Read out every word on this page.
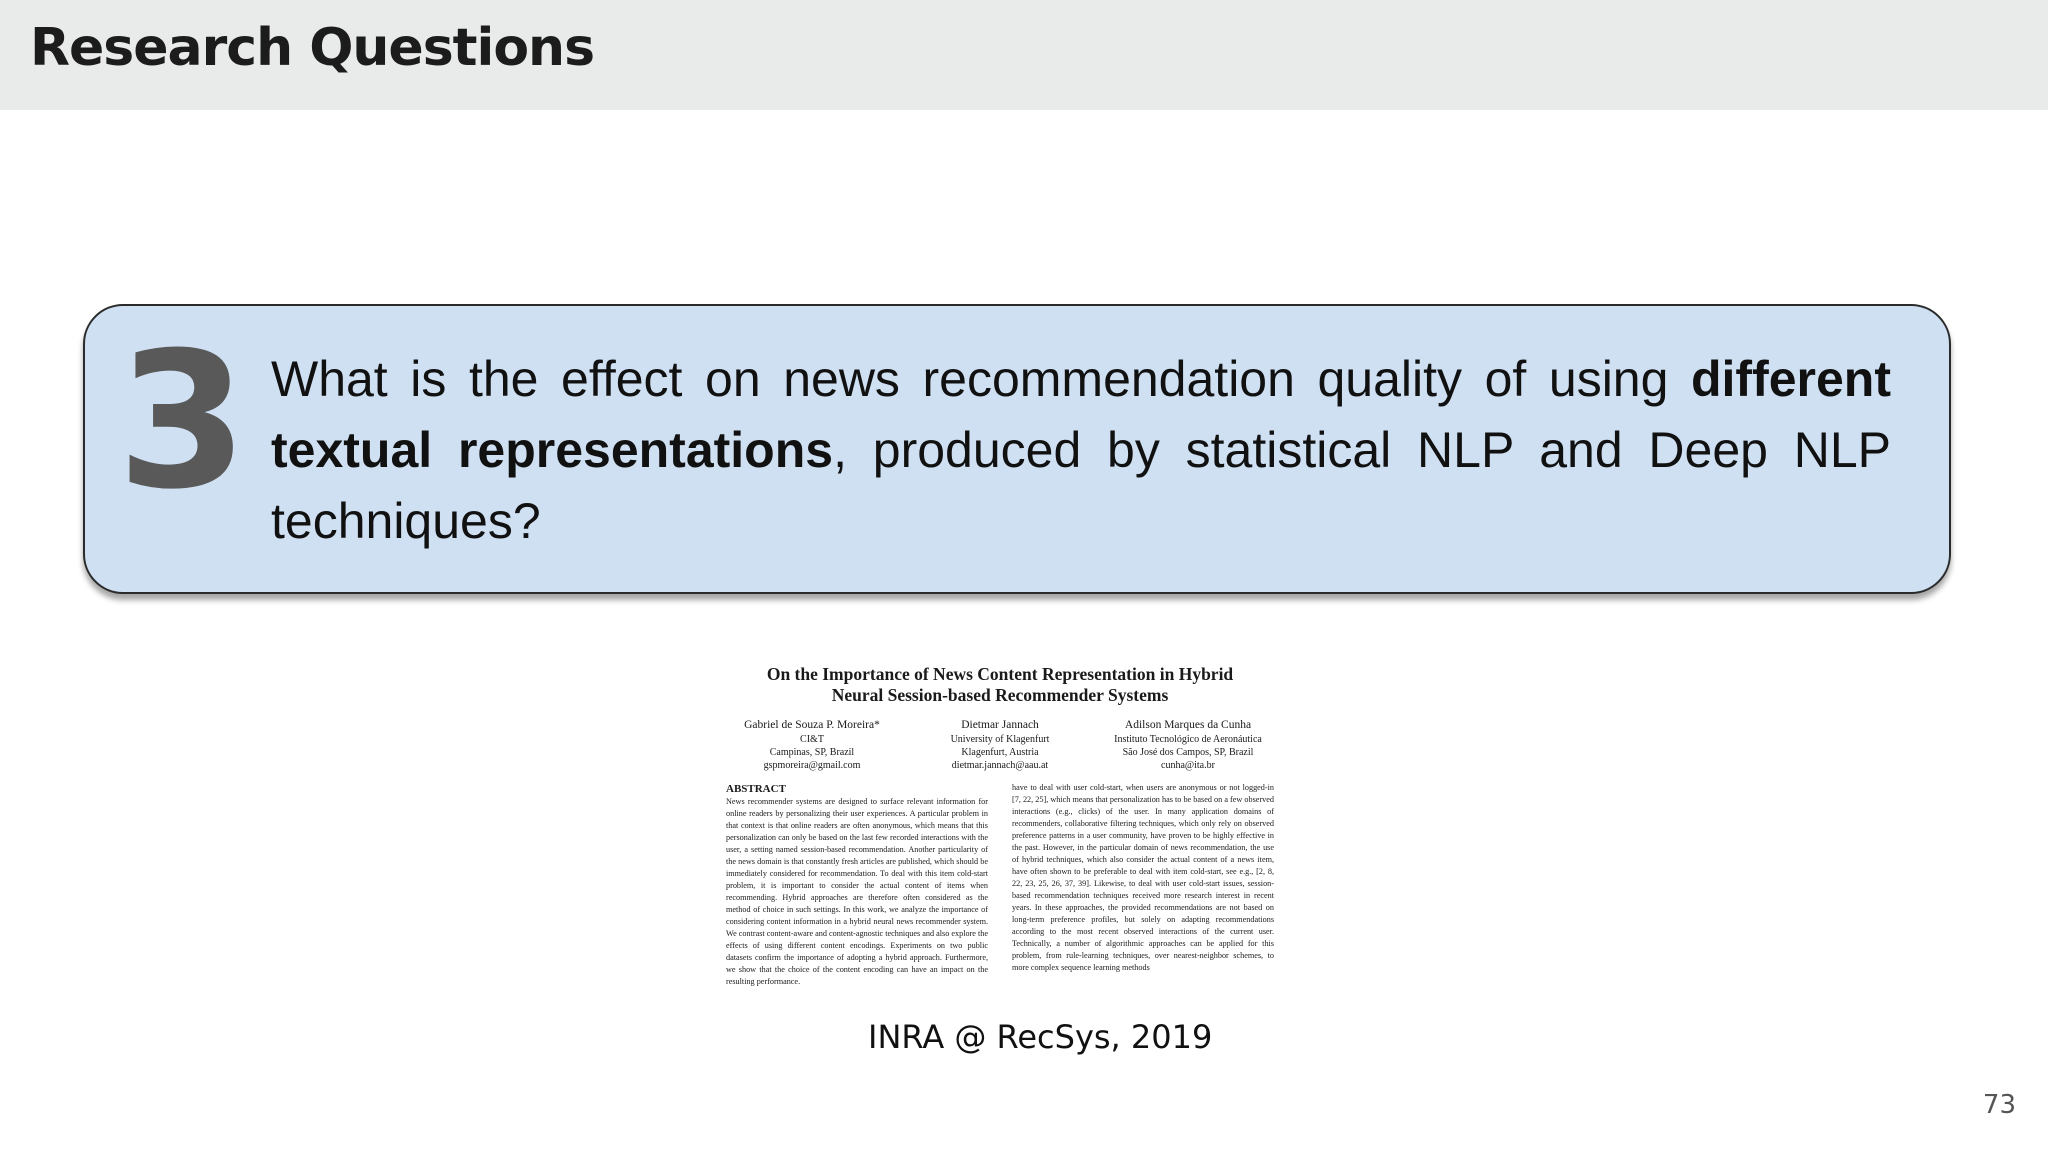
Research Questions
3 What is the effect on news recommendation quality of using different textual representations, produced by statistical NLP and Deep NLP techniques?

On the Importance of News Content Representation in Hybrid
Neural Session-based Recommender Systems
Gabriel de Souza P. Moreira*
CI&T
Campinas, SP, Brazil
gspmoreira@gmail.com
Dietmar Jannach
University of Klagenfurt
Klagenfurt, Austria
dietmar.jannach@aau.at
Adilson Marques da Cunha
Instituto Tecnológico de Aeronáutica
São José dos Campos, SP, Brazil
cunha@ita.br
ABSTRACT
News recommender systems are designed to surface relevant information for online readers by personalizing their user experiences. A particular problem in that context is that online readers are often anonymous, which means that this personalization can only be based on the last few recorded interactions with the user, a setting named session-based recommendation. Another particularity of the news domain is that constantly fresh articles are published, which should be immediately considered for recommendation. To deal with this item cold-start problem, it is important to consider the actual content of items when recommending. Hybrid approaches are therefore often considered as the method of choice in such settings. In this work, we analyze the importance of considering content information in a hybrid neural news recommender system. We contrast content-aware and content-agnostic techniques and also explore the effects of using different content encodings. Experiments on two public datasets confirm the importance of adopting a hybrid approach. Furthermore, we show that the choice of the content encoding can have an impact on the resulting performance.
have to deal with user cold-start, when users are anonymous or not logged-in [7, 22, 25], which means that personalization has to be based on a few observed interactions (e.g., clicks) of the user. In many application domains of recommenders, collaborative filtering techniques, which only rely on observed preference patterns in a user community, have proven to be highly effective in the past. However, in the particular domain of news recommendation, the use of hybrid techniques, which also consider the actual content of a news item, have often shown to be preferable to deal with item cold-start, see e.g., [2, 8, 22, 23, 25, 26, 37, 39]. Likewise, to deal with user cold-start issues, session-based recommendation techniques received more research interest in recent years. In these approaches, the provided recommendations are not based on long-term preference profiles, but solely on adapting recommendations according to the most recent observed interactions of the current user. Technically, a number of algorithmic approaches can be applied for this problem, from rule-learning techniques, over nearest-neighbor schemes, to more complex sequence learning methods
INRA @ RecSys, 2019
73
